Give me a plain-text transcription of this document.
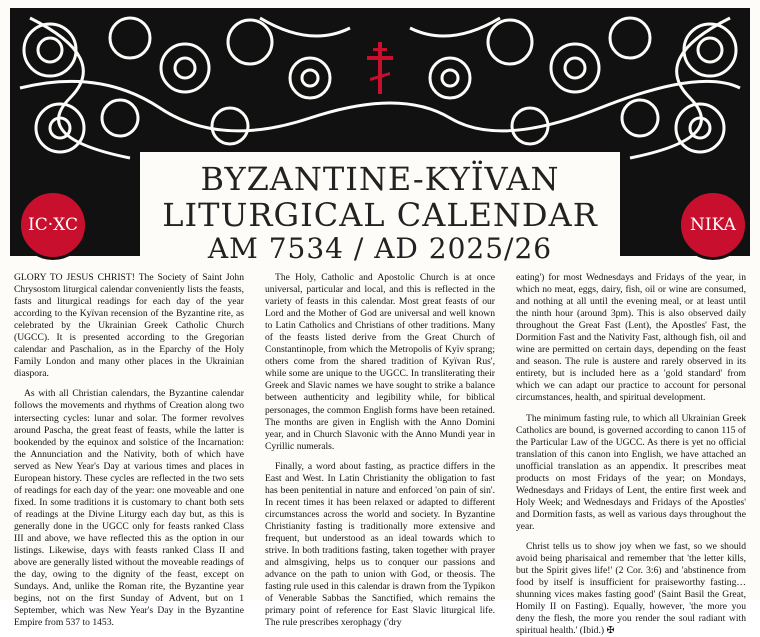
IC·XC	NIKA
BYZANTINE-KYÏVAN
LITURGICAL CALENDAR
AM 7534 / AD 2025/26

GLORY TO JESUS CHRIST! The Society of Saint John Chrysostom liturgical calendar conveniently lists the feasts, fasts and liturgical readings for each day of the year according to the Kyïvan recension of the Byzantine rite, as celebrated by the Ukrainian Greek Catholic Church (UGCC). It is presented according to the Gregorian calendar and Paschalion, as in the Eparchy of the Holy Family London and many other places in the Ukrainian diaspora.

As with all Christian calendars, the Byzantine calendar follows the movements and rhythms of Creation along two intersecting cycles: lunar and solar. The former revolves around Pascha, the great feast of feasts, while the latter is bookended by the equinox and solstice of the Incarnation: the Annunciation and the Nativity, both of which have served as New Year's Day at various times and places in European history. These cycles are reflected in the two sets of readings for each day of the year: one moveable and one fixed. In some traditions it is customary to chant both sets of readings at the Divine Liturgy each day but, as this is generally done in the UGCC only for feasts ranked Class III and above, we have reflected this as the option in our listings. Likewise, days with feasts ranked Class II and above are generally listed without the moveable readings of the day, owing to the dignity of the feast, except on Sundays. And, unlike the Roman rite, the Byzantine year begins, not on the first Sunday of Advent, but on 1 September, which was New Year's Day in the Byzantine Empire from 537 to 1453.

The Holy, Catholic and Apostolic Church is at once universal, particular and local, and this is reflected in the variety of feasts in this calendar. Most great feasts of our Lord and the Mother of God are universal and well known to Latin Catholics and Christians of other traditions. Many of the feasts listed derive from the Great Church of Constantinople, from which the Metropolis of Kyïv sprang; others come from the shared tradition of Kyïvan Rus', while some are unique to the UGCC. In transliterating their Greek and Slavic names we have sought to strike a balance between authenticity and legibility while, for biblical personages, the common English forms have been retained. The months are given in English with the Anno Domini year, and in Church Slavonic with the Anno Mundi year in Cyrillic numerals.

Finally, a word about fasting, as practice differs in the East and West. In Latin Christianity the obligation to fast has been penitential in nature and enforced 'on pain of sin'. In recent times it has been relaxed or adapted to different circumstances across the world and society. In Byzantine Christianity fasting is traditionally more extensive and frequent, but understood as an ideal towards which to strive. In both traditions fasting, taken together with prayer and almsgiving, helps us to conquer our passions and advance on the path to union with God, or theosis. The fasting rule used in this calendar is drawn from the Typikon of Venerable Sabbas the Sanctified, which remains the primary point of reference for East Slavic liturgical life. The rule prescribes xerophagy ('dry

eating') for most Wednesdays and Fridays of the year, in which no meat, eggs, dairy, fish, oil or wine are consumed, and nothing at all until the evening meal, or at least until the ninth hour (around 3pm). This is also observed daily throughout the Great Fast (Lent), the Apostles' Fast, the Dormition Fast and the Nativity Fast, although fish, oil and wine are permitted on certain days, depending on the feast and season. The rule is austere and rarely observed in its entirety, but is included here as a 'gold standard' from which we can adapt our practice to account for personal circumstances, health, and spiritual development.

The minimum fasting rule, to which all Ukrainian Greek Catholics are bound, is governed according to canon 115 of the Particular Law of the UGCC. As there is yet no official translation of this canon into English, we have attached an unofficial translation as an appendix. It prescribes meat products on most Fridays of the year; on Mondays, Wednesdays and Fridays of Lent, the entire first week and Holy Week; and Wednesdays and Fridays of the Apostles' and Dormition fasts, as well as various days throughout the year.

Christ tells us to show joy when we fast, so we should avoid being pharisaical and remember that 'the letter kills, but the Spirit gives life!' (2 Cor. 3:6) and 'abstinence from food by itself is insufficient for praiseworthy fasting…shunning vices makes fasting good' (Saint Basil the Great, Homily II on Fasting). Equally, however, 'the more you deny the flesh, the more you render the soul radiant with spiritual health.' (Ibid.) ✠
